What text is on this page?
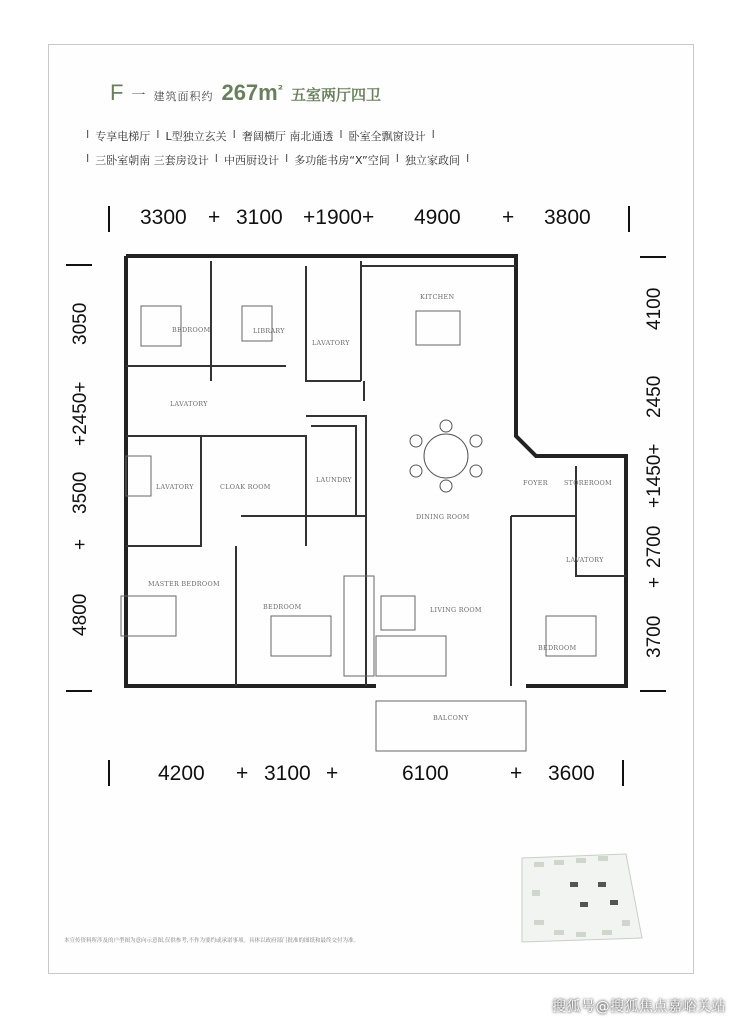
F 一 建筑面积约 $267m^{^2}$ 五室两厅四卫
Ⅰ 专享电梯厅 Ⅰ L型独立玄关 Ⅰ 奢阔横厅 南北通透 Ⅰ 卧室全飘窗设计 Ⅰ
Ⅰ 三卧室朝南 三套房设计 Ⅰ 中西厨设计 Ⅰ 多功能书房“X”空间 Ⅰ 独立家政间 Ⅰ
3300 + 3100 +1900+ 4900 + 3800
4200 + 3100 +	6100	+ 3600
3050
+2450+
3500
+
4800
4100
2450
+1450+
2700
+
3700
BEDROOM	LIBRARY
LAVATORY
KITCHEN
LAVATORY
LAVATORY	CLOAK ROOM
LAUNDRY
DINING ROOM
FOYER	STOREROOM
LAVATORY
MASTER BEDROOM
BEDROOM	LIVING ROOM
BEDROOM
BALCONY
本宣传资料所涉及的户型图为意向示意图,仅供参考,不作为要约或承诺事项。具体以政府部门批准的图纸和最终交付为准。
搜狐号@搜狐焦点嘉峪关站
